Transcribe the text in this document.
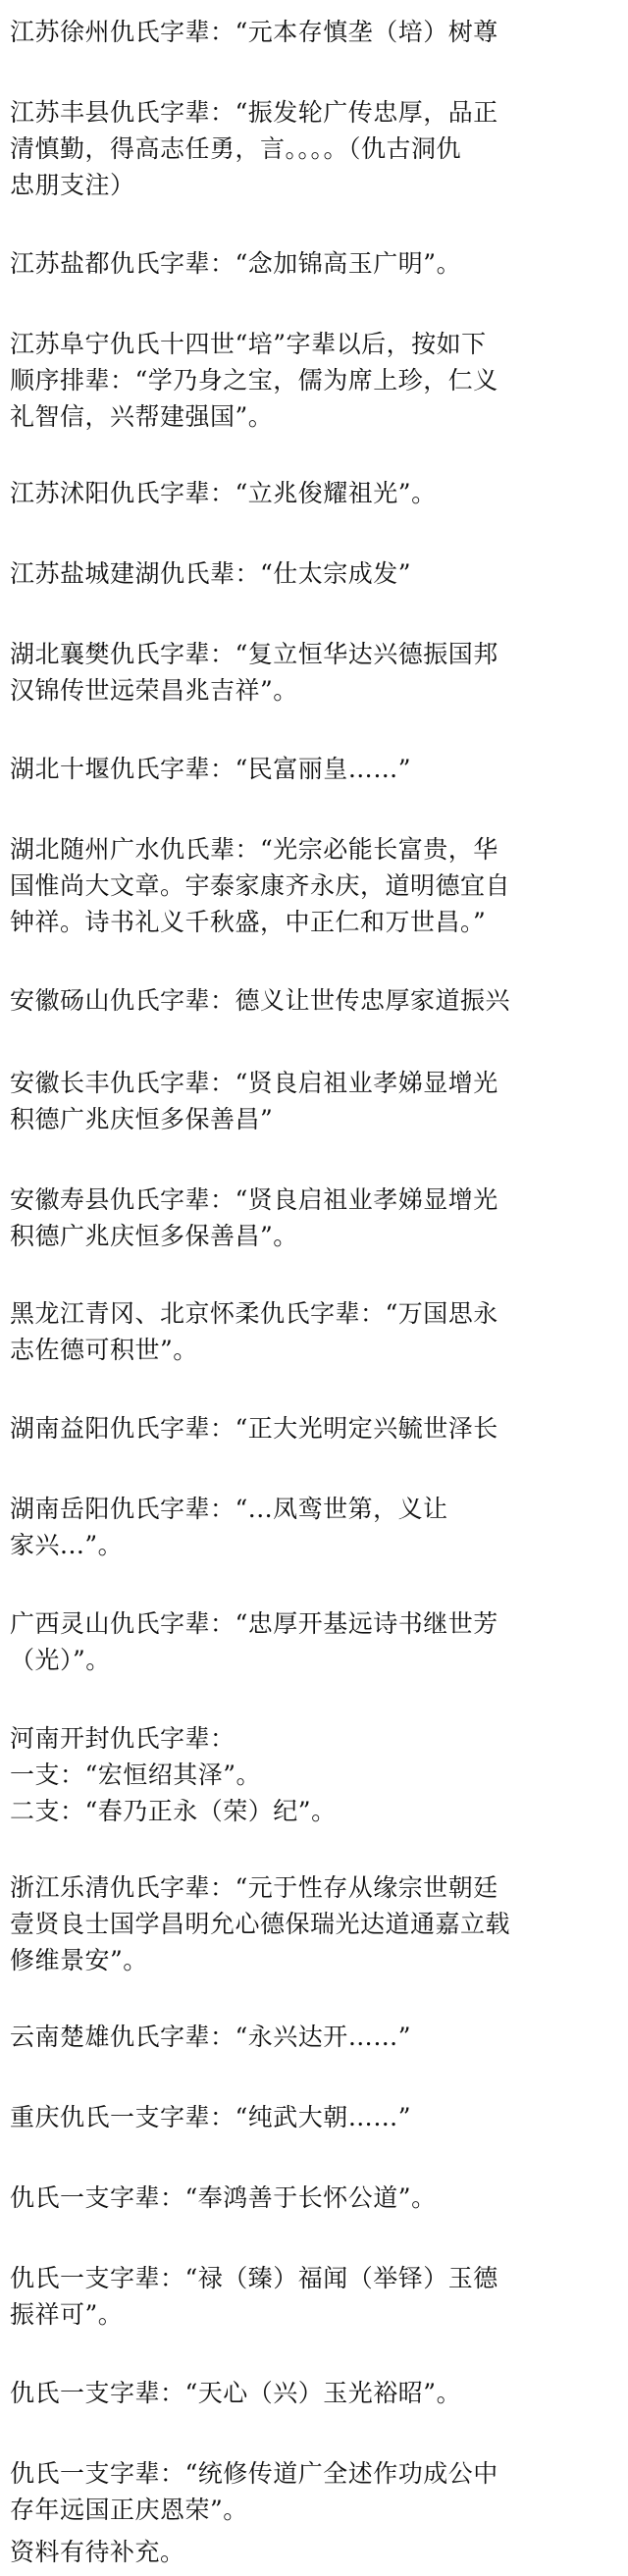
江苏徐州仇氏字辈：“元本存慎垄（培）树尊
江苏丰县仇氏字辈：“振发轮广传忠厚，品正
清慎勤，得高志任勇，言。。。。（仇古洞仇
忠朋支注）
江苏盐都仇氏字辈：“念加锦高玉广明”。
江苏阜宁仇氏十四世“培”字辈以后，按如下
顺序排辈：“学乃身之宝，儒为席上珍，仁义
礼智信，兴帮建强国”。
江苏沭阳仇氏字辈：“立兆俊耀祖光”。
江苏盐城建湖仇氏辈：“仕太宗成发”
湖北襄樊仇氏字辈：“复立恒华达兴德振国邦
汉锦传世远荣昌兆吉祥”。
湖北十堰仇氏字辈：“民富丽皇……”
湖北随州广水仇氏辈：“光宗必能长富贵，华
国惟尚大文章。宇泰家康齐永庆，道明德宜自
钟祥。诗书礼义千秋盛，中正仁和万世昌。”
安徽砀山仇氏字辈：德义让世传忠厚家道振兴
安徽长丰仇氏字辈：“贤良启祖业孝娣显增光
积德广兆庆恒多保善昌”
安徽寿县仇氏字辈：“贤良启祖业孝娣显增光
积德广兆庆恒多保善昌”。
黑龙江青冈、北京怀柔仇氏字辈：“万国思永
志佐德可积世”。
湖南益阳仇氏字辈：“正大光明定兴毓世泽长
湖南岳阳仇氏字辈：“...凤鸾世第，义让
家兴...”。
广西灵山仇氏字辈：“忠厚开基远诗书继世芳
（光）”。
河南开封仇氏字辈：
一支：“宏恒绍其泽”。
二支：“春乃正永（荣）纪”。
浙江乐清仇氏字辈：“元于性存从缘宗世朝廷
壹贤良士国学昌明允心德保瑞光达道通嘉立载
修维景安”。
云南楚雄仇氏字辈：“永兴达开……”
重庆仇氏一支字辈：“纯武大朝……”
仇氏一支字辈：“奉鸿善于长怀公道”。
仇氏一支字辈：“禄（臻）福闻（举铎）玉德
振祥可”。
仇氏一支字辈：“天心（兴）玉光裕昭”。
仇氏一支字辈：“统修传道广全述作功成公中
存年远国正庆恩荣”。
资料有待补充。
